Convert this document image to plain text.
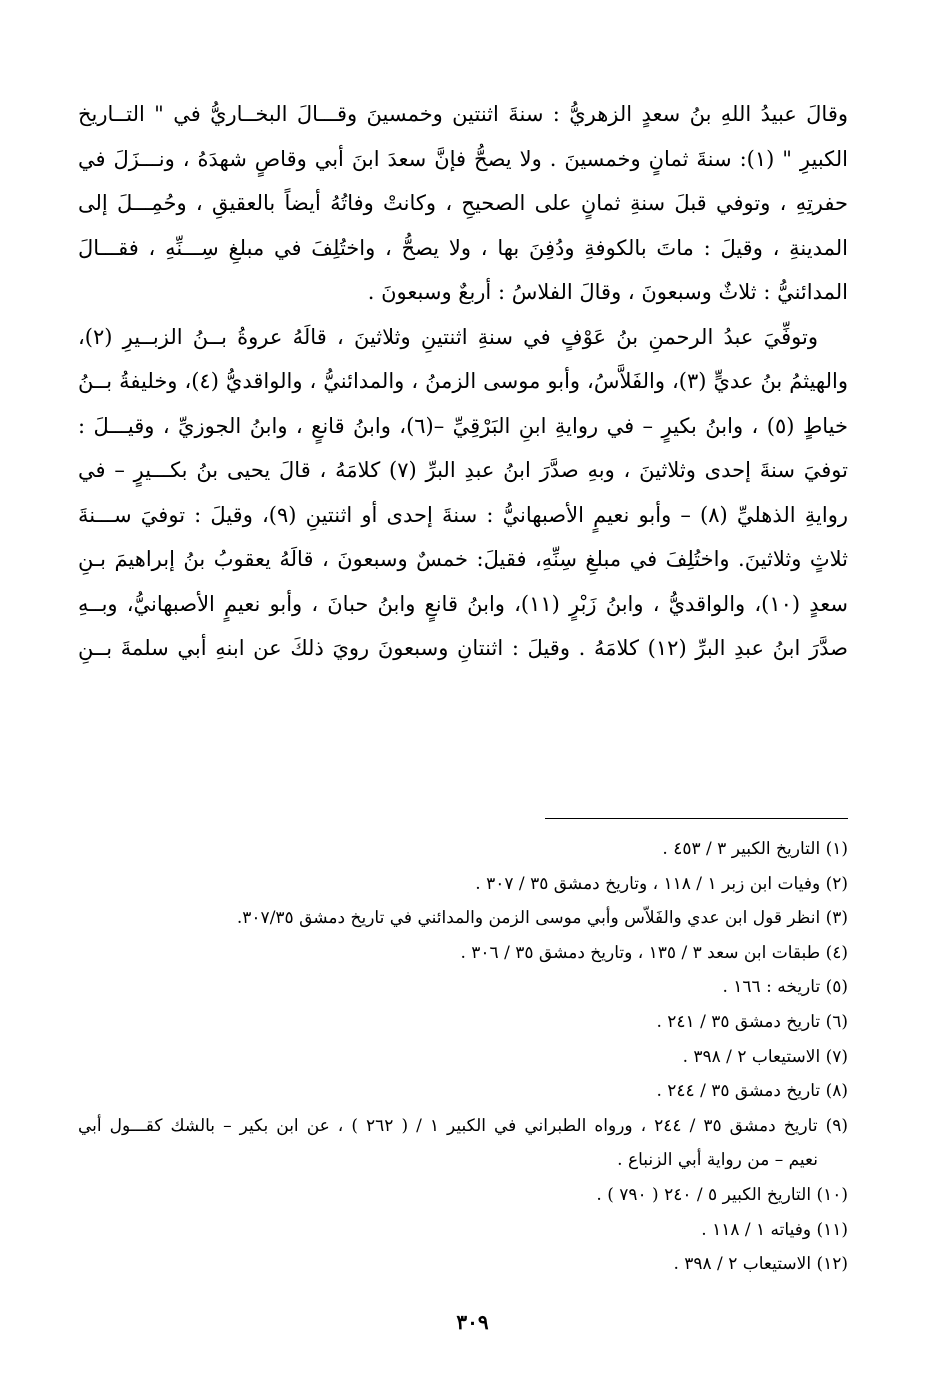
وقالَ عبيدُ اللهِ بنُ سعدٍ الزهريُّ : سنةَ اثنتين وخمسينَ وقـــالَ البخــاريُّ في " التــاريخ
الكبيرِ " (١): سنةَ ثمانٍ وخمسينَ . ولا يصحُّ فإنَّ سعدَ ابنَ أبي وقاصٍ شهدَهُ ، ونـــزَلَ في
حفرتِهِ ، وتوفي قبلَ سنةِ ثمانٍ على الصحيحِ ، وكانتْ وفاتُهُ أيضاً بالعقيقِ ، وحُمِـــلَ إلى
المدينةِ ، وقيلَ : ماتَ بالكوفةِ ودُفِنَ بها ، ولا يصحُّ ، واختُلِفَ في مبلغِ سِـــنِّهِ ، فقـــالَ
المدائنيُّ : ثلاثٌ وسبعونَ ، وقالَ الفلاسُ : أربعٌ وسبعونَ .
وتوفِّيَ عبدُ الرحمنِ بنُ عَوْفٍ في سنةِ اثنتينِ وثلاثينَ ، قالَهُ عروةُ بــنُ الزبــيرِ (٢)،
والهيثمُ بنُ عديٍّ (٣)، والفَلاَّسُ، وأبو موسى الزمنُ ، والمدائنيُّ ، والواقديُّ (٤)، وخليفةُ بــنُ
خياطٍ (٥) ، وابنُ بكيرٍ – في روايةِ ابنِ البَرْقِيِّ –(٦)، وابنُ قانعٍ ، وابنُ الجوزيِّ ، وقيـــلَ :
توفيَ سنةَ إحدى وثلاثينَ ، وبهِ صدَّرَ ابنُ عبدِ البرِّ (٧) كلامَهُ ، قالَ يحيى بنُ بكـــيرٍ – في
روايةِ الذهليِّ (٨) – وأبو نعيمٍ الأصبهانيُّ : سنةَ إحدى أو اثنتينِ (٩)، وقيلَ : توفيَ ســـنةَ
ثلاثٍ وثلاثينَ. واختُلِفَ في مبلغِ سِنِّهِ، فقيلَ: خمسٌ وسبعونَ ، قالَهُ يعقوبُ بنُ إبراهيمَ بـنِ
سعدٍ (١٠)، والواقديُّ ، وابنُ زَبْرٍ (١١)، وابنُ قانعٍ وابنُ حبانَ ، وأبو نعيمٍ الأصبهانيُّ، وبــهِ
صدَّرَ ابنُ عبدِ البرِّ (١٢) كلامَهُ . وقيلَ : اثنتانِ وسبعونَ رويَ ذلكَ عن ابنهِ أبي سلمةَ بــنِ
(١) التاريخ الكبير ٣ / ٤٥٣ .
(٢) وفيات ابن زبر ١ / ١١٨ ، وتاريخ دمشق ٣٥ / ٣٠٧ .
(٣) انظر قول ابن عدي والفَلاّس وأبي موسى الزمن والمدائني في تاريخ دمشق ٣٠٧/٣٥.
(٤) طبقات ابن سعد ٣ / ١٣٥ ، وتاريخ دمشق ٣٥ / ٣٠٦ .
(٥) تاريخه : ١٦٦ .
(٦) تاريخ دمشق ٣٥ / ٢٤١ .
(٧) الاستيعاب ٢ / ٣٩٨ .
(٨) تاريخ دمشق ٣٥ / ٢٤٤ .
(٩) تاريخ دمشق ٣٥ / ٢٤٤ ، ورواه الطبراني في الكبير ١ / ( ٢٦٢ ) ، عن ابن بكير – بالشك كقـــول أبي
نعيم – من رواية أبي الزنباع .
(١٠) التاريخ الكبير ٥ / ٢٤٠ ( ٧٩٠ ) .
(١١) وفياته ١ / ١١٨ .
(١٢) الاستيعاب ٢ / ٣٩٨ .
٣٠٩
